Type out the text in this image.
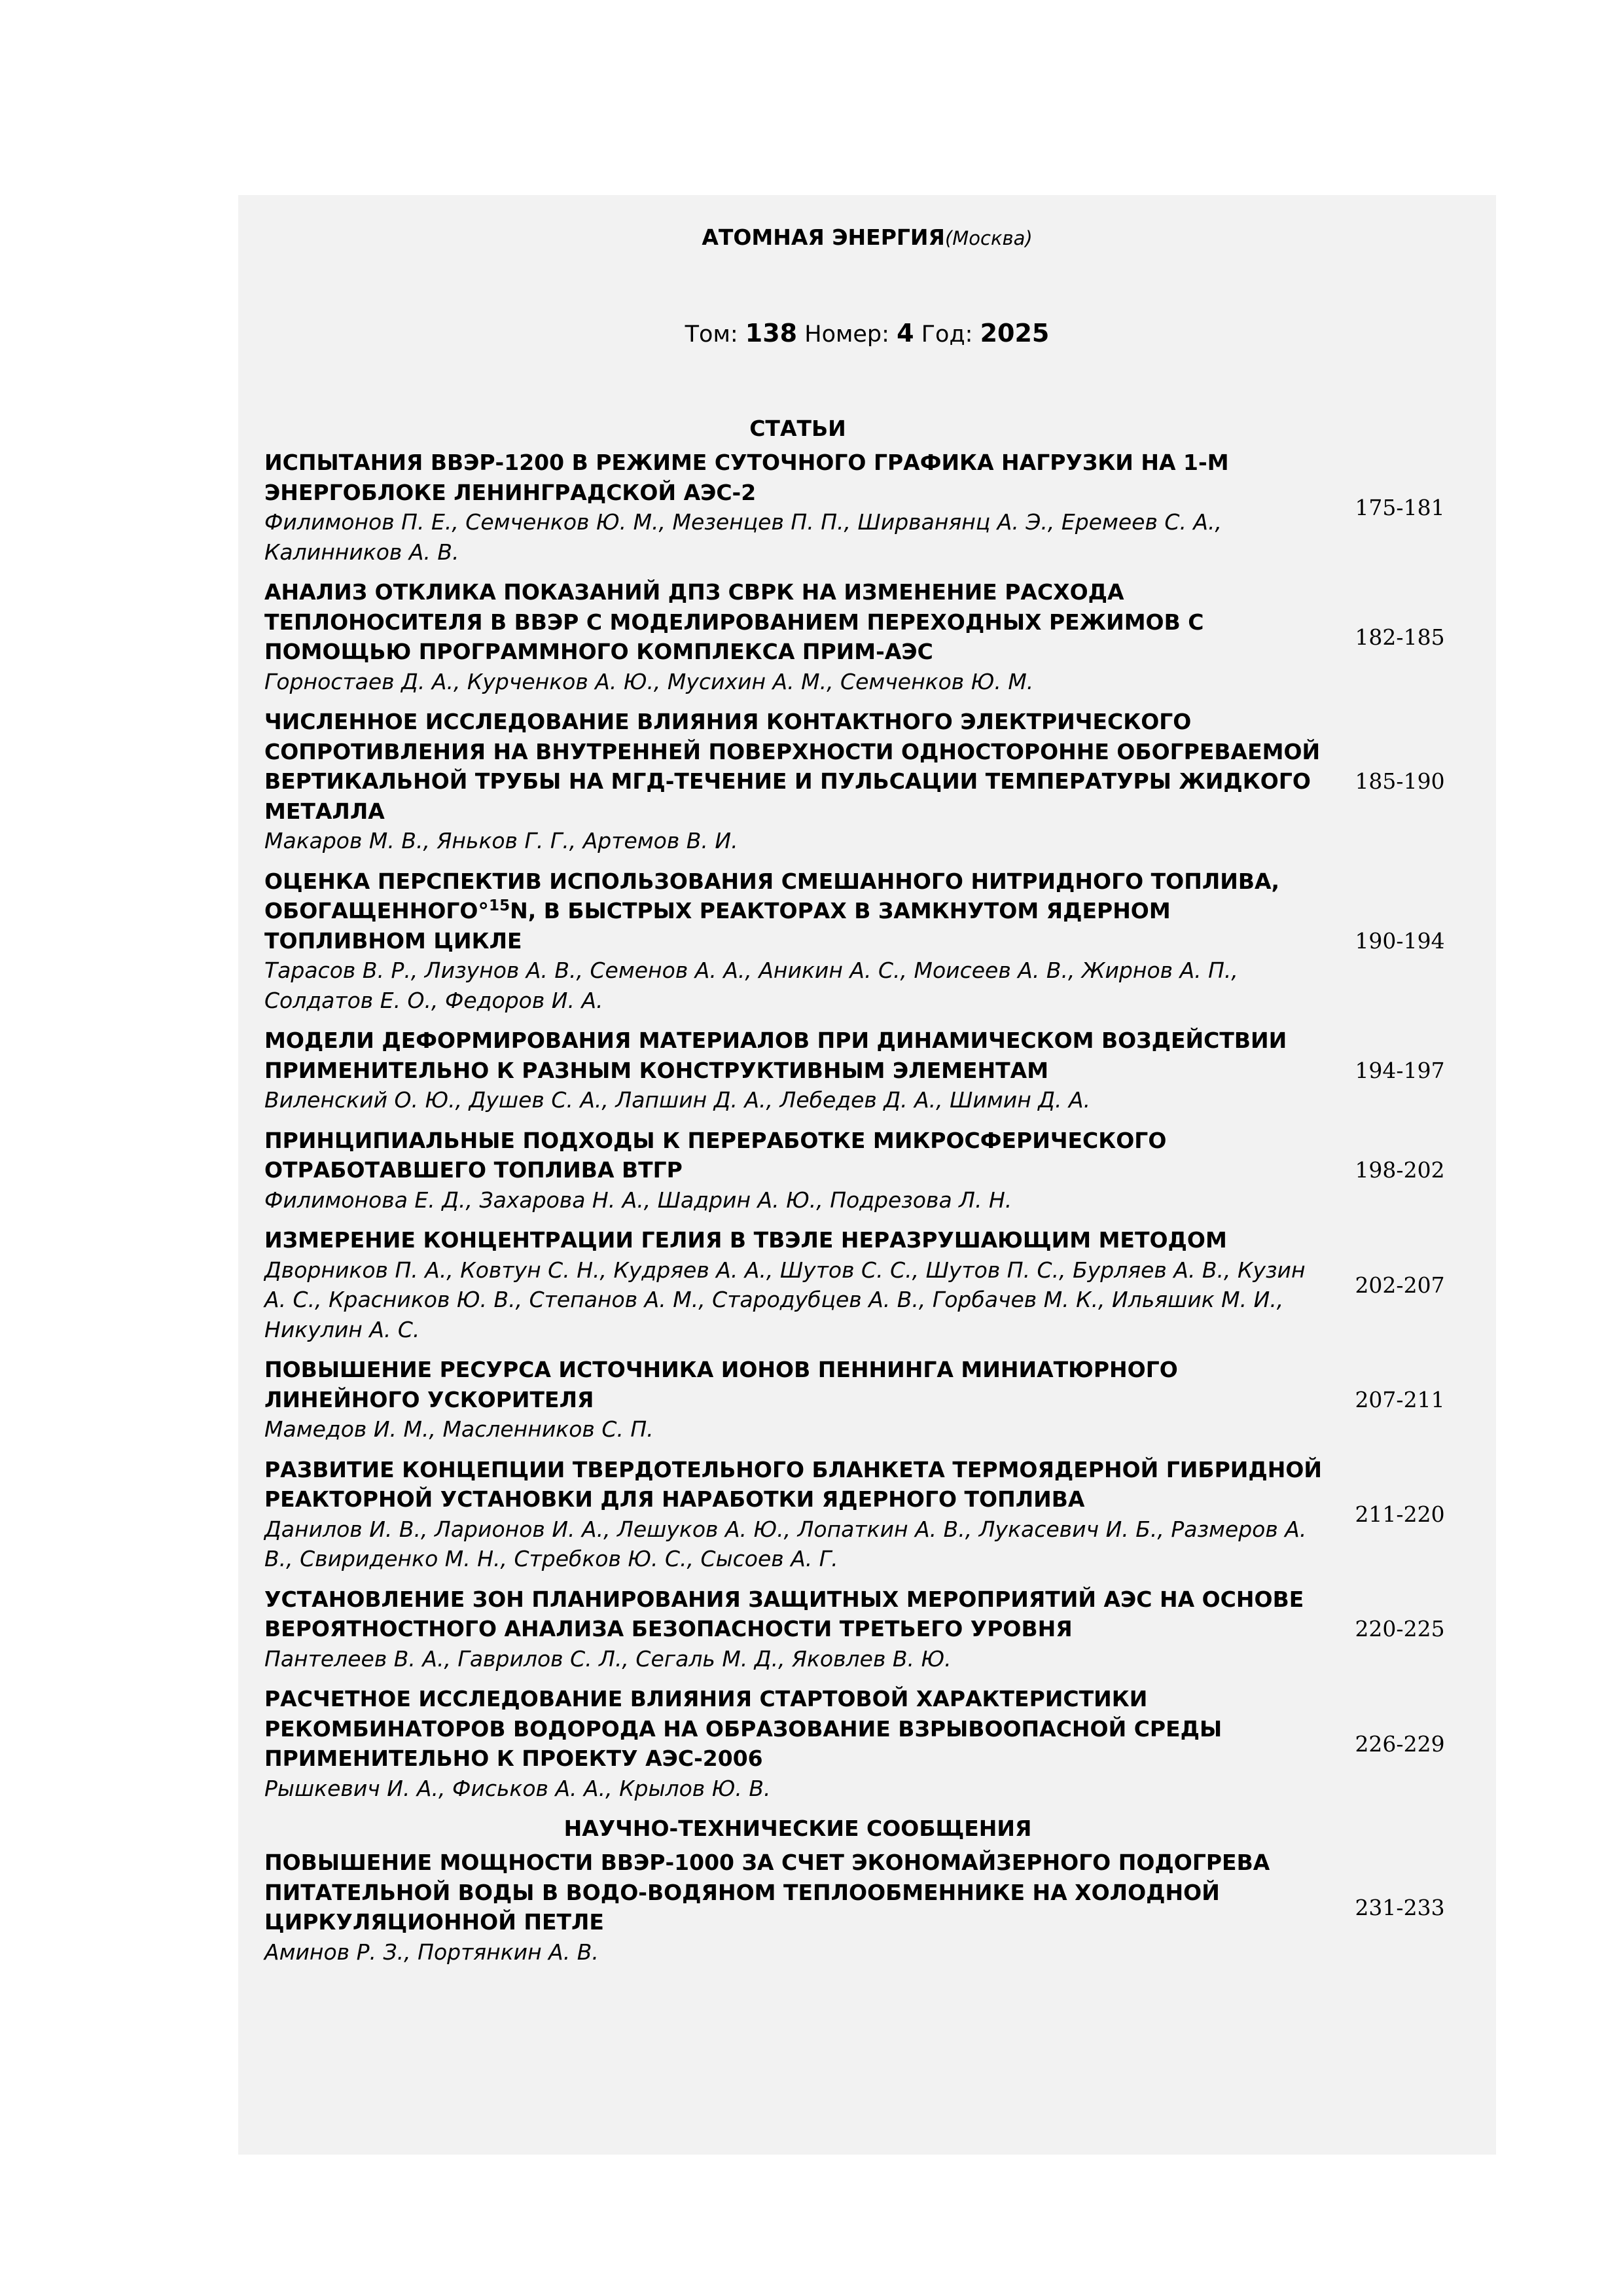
АТОМНАЯ ЭНЕРГИЯ(Москва)
Том: 138 Номер: 4 Год: 2025
СТАТЬИ
ИСПЫТАНИЯ ВВЭР-1200 В РЕЖИМЕ СУТОЧНОГО ГРАФИКА НАГРУЗКИ НА 1-М ЭНЕРГОБЛОКЕ ЛЕНИНГРАДСКОЙ АЭС-2
Филимонов П. Е., Семченков Ю. М., Мезенцев П. П., Ширванянц А. Э., Еремеев С. А., Калинников А. В.
175-181
АНАЛИЗ ОТКЛИКА ПОКАЗАНИЙ ДПЗ СВРК НА ИЗМЕНЕНИЕ РАСХОДА ТЕПЛОНОСИТЕЛЯ В ВВЭР С МОДЕЛИРОВАНИЕМ ПЕРЕХОДНЫХ РЕЖИМОВ С ПОМОЩЬЮ ПРОГРАММНОГО КОМПЛЕКСА ПРИМ-АЭС
Горностаев Д. А., Курченков А. Ю., Мусихин А. М., Семченков Ю. М.
182-185
ЧИСЛЕННОЕ ИССЛЕДОВАНИЕ ВЛИЯНИЯ КОНТАКТНОГО ЭЛЕКТРИЧЕСКОГО СОПРОТИВЛЕНИЯ НА ВНУТРЕННЕЙ ПОВЕРХНОСТИ ОДНОСТОРОННЕ ОБОГРЕВАЕМОЙ ВЕРТИКАЛЬНОЙ ТРУБЫ НА МГД-ТЕЧЕНИЕ И ПУЛЬСАЦИИ ТЕМПЕРАТУРЫ ЖИДКОГО МЕТАЛЛА
Макаров М. В., Яньков Г. Г., Артемов В. И.
185-190
ОЦЕНКА ПЕРСПЕКТИВ ИСПОЛЬЗОВАНИЯ СМЕШАННОГО НИТРИДНОГО ТОПЛИВА, ОБОГАЩЕННОГО°$^{15}$N, В БЫСТРЫХ РЕАКТОРАХ В ЗАМКНУТОМ ЯДЕРНОМ ТОПЛИВНОМ ЦИКЛЕ
Тарасов В. Р., Лизунов А. В., Семенов А. А., Аникин А. С., Моисеев А. В., Жирнов А. П., Солдатов Е. О., Федоров И. А.
190-194
МОДЕЛИ ДЕФОРМИРОВАНИЯ МАТЕРИАЛОВ ПРИ ДИНАМИЧЕСКОМ ВОЗДЕЙСТВИИ ПРИМЕНИТЕЛЬНО К РАЗНЫМ КОНСТРУКТИВНЫМ ЭЛЕМЕНТАМ
Виленский О. Ю., Душев С. А., Лапшин Д. А., Лебедев Д. А., Шимин Д. А.
194-197
ПРИНЦИПИАЛЬНЫЕ ПОДХОДЫ К ПЕРЕРАБОТКЕ МИКРОСФЕРИЧЕСКОГО ОТРАБОТАВШЕГО ТОПЛИВА ВТГР
Филимонова Е. Д., Захарова Н. А., Шадрин А. Ю., Подрезова Л. Н.
198-202
ИЗМЕРЕНИЕ КОНЦЕНТРАЦИИ ГЕЛИЯ В ТВЭЛЕ НЕРАЗРУШАЮЩИМ МЕТОДОМ
Дворников П. А., Ковтун С. Н., Кудряев А. А., Шутов С. С., Шутов П. С., Бурляев А. В., Кузин А. С., Красников Ю. В., Степанов А. М., Стародубцев А. В., Горбачев М. К., Ильяшик М. И., Никулин А. С.
202-207
ПОВЫШЕНИЕ РЕСУРСА ИСТОЧНИКА ИОНОВ ПЕННИНГА МИНИАТЮРНОГО ЛИНЕЙНОГО УСКОРИТЕЛЯ
Мамедов И. М., Масленников С. П.
207-211
РАЗВИТИЕ КОНЦЕПЦИИ ТВЕРДОТЕЛЬНОГО БЛАНКЕТА ТЕРМОЯДЕРНОЙ ГИБРИДНОЙ РЕАКТОРНОЙ УСТАНОВКИ ДЛЯ НАРАБОТКИ ЯДЕРНОГО ТОПЛИВА
Данилов И. В., Ларионов И. А., Лешуков А. Ю., Лопаткин А. В., Лукасевич И. Б., Размеров А. В., Свириденко М. Н., Стребков Ю. С., Сысоев А. Г.
211-220
УСТАНОВЛЕНИЕ ЗОН ПЛАНИРОВАНИЯ ЗАЩИТНЫХ МЕРОПРИЯТИЙ АЭС НА ОСНОВЕ ВЕРОЯТНОСТНОГО АНАЛИЗА БЕЗОПАСНОСТИ ТРЕТЬЕГО УРОВНЯ
Пантелеев В. А., Гаврилов С. Л., Сегаль М. Д., Яковлев В. Ю.
220-225
РАСЧЕТНОЕ ИССЛЕДОВАНИЕ ВЛИЯНИЯ СТАРТОВОЙ ХАРАКТЕРИСТИКИ РЕКОМБИНАТОРОВ ВОДОРОДА НА ОБРАЗОВАНИЕ ВЗРЫВООПАСНОЙ СРЕДЫ ПРИМЕНИТЕЛЬНО К ПРОЕКТУ АЭС-2006
Рышкевич И. А., Фиськов А. А., Крылов Ю. В.
226-229
НАУЧНО-ТЕХНИЧЕСКИЕ СООБЩЕНИЯ
ПОВЫШЕНИЕ МОЩНОСТИ ВВЭР-1000 ЗА СЧЕТ ЭКОНОМАЙЗЕРНОГО ПОДОГРЕВА ПИТАТЕЛЬНОЙ ВОДЫ В ВОДО-ВОДЯНОМ ТЕПЛООБМЕННИКЕ НА ХОЛОДНОЙ ЦИРКУЛЯЦИОННОЙ ПЕТЛЕ
Аминов Р. З., Портянкин А. В.
231-233
